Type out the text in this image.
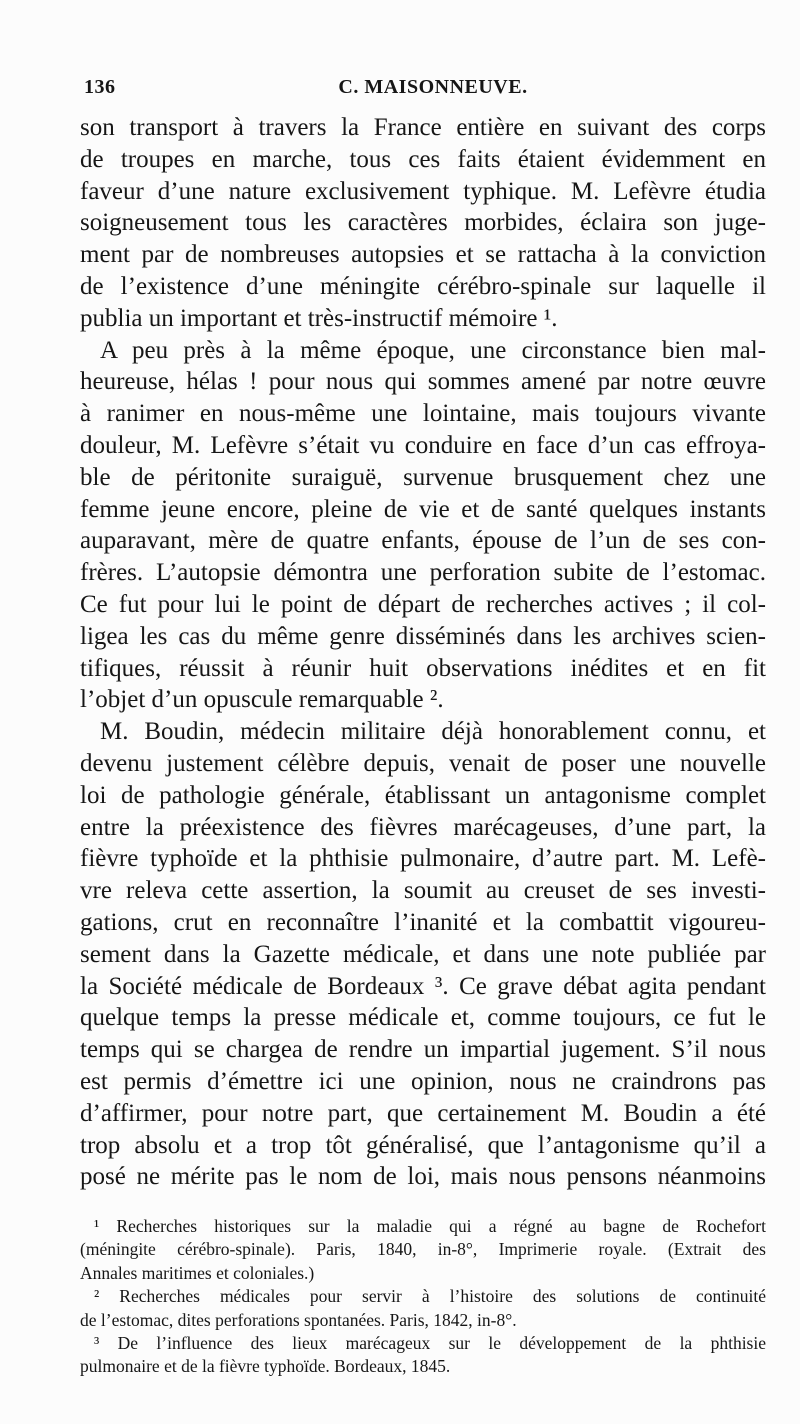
136	C. MAISONNEUVE.
son transport à travers la France entière en suivant des corps
de troupes en marche, tous ces faits étaient évidemment en
faveur d’une nature exclusivement typhique. M. Lefèvre étudia
soigneusement tous les caractères morbides, éclaira son juge-
ment par de nombreuses autopsies et se rattacha à la conviction
de l’existence d’une méningite cérébro-spinale sur laquelle il
publia un important et très-instructif mémoire ¹.
A peu près à la même époque, une circonstance bien mal-
heureuse, hélas ! pour nous qui sommes amené par notre œuvre
à ranimer en nous-même une lointaine, mais toujours vivante
douleur, M. Lefèvre s’était vu conduire en face d’un cas effroya-
ble de péritonite suraiguë, survenue brusquement chez une
femme jeune encore, pleine de vie et de santé quelques instants
auparavant, mère de quatre enfants, épouse de l’un de ses con-
frères. L’autopsie démontra une perforation subite de l’estomac.
Ce fut pour lui le point de départ de recherches actives ; il col-
ligea les cas du même genre disséminés dans les archives scien-
tifiques, réussit à réunir huit observations inédites et en fit
l’objet d’un opuscule remarquable ².
M. Boudin, médecin militaire déjà honorablement connu, et
devenu justement célèbre depuis, venait de poser une nouvelle
loi de pathologie générale, établissant un antagonisme complet
entre la préexistence des fièvres marécageuses, d’une part, la
fièvre typhoïde et la phthisie pulmonaire, d’autre part. M. Lefè-
vre releva cette assertion, la soumit au creuset de ses investi-
gations, crut en reconnaître l’inanité et la combattit vigoureu-
sement dans la Gazette médicale, et dans une note publiée par
la Société médicale de Bordeaux ³. Ce grave débat agita pendant
quelque temps la presse médicale et, comme toujours, ce fut le
temps qui se chargea de rendre un impartial jugement. S’il nous
est permis d’émettre ici une opinion, nous ne craindrons pas
d’affirmer, pour notre part, que certainement M. Boudin a été
trop absolu et a trop tôt généralisé, que l’antagonisme qu’il a
posé ne mérite pas le nom de loi, mais nous pensons néanmoins
¹ Recherches historiques sur la maladie qui a régné au bagne de Rochefort
(méningite cérébro-spinale). Paris, 1840, in-8°, Imprimerie royale. (Extrait des
Annales maritimes et coloniales.)
² Recherches médicales pour servir à l’histoire des solutions de continuité
de l’estomac, dites perforations spontanées. Paris, 1842, in-8°.
³ De l’influence des lieux marécageux sur le développement de la phthisie
pulmonaire et de la fièvre typhoïde. Bordeaux, 1845.
